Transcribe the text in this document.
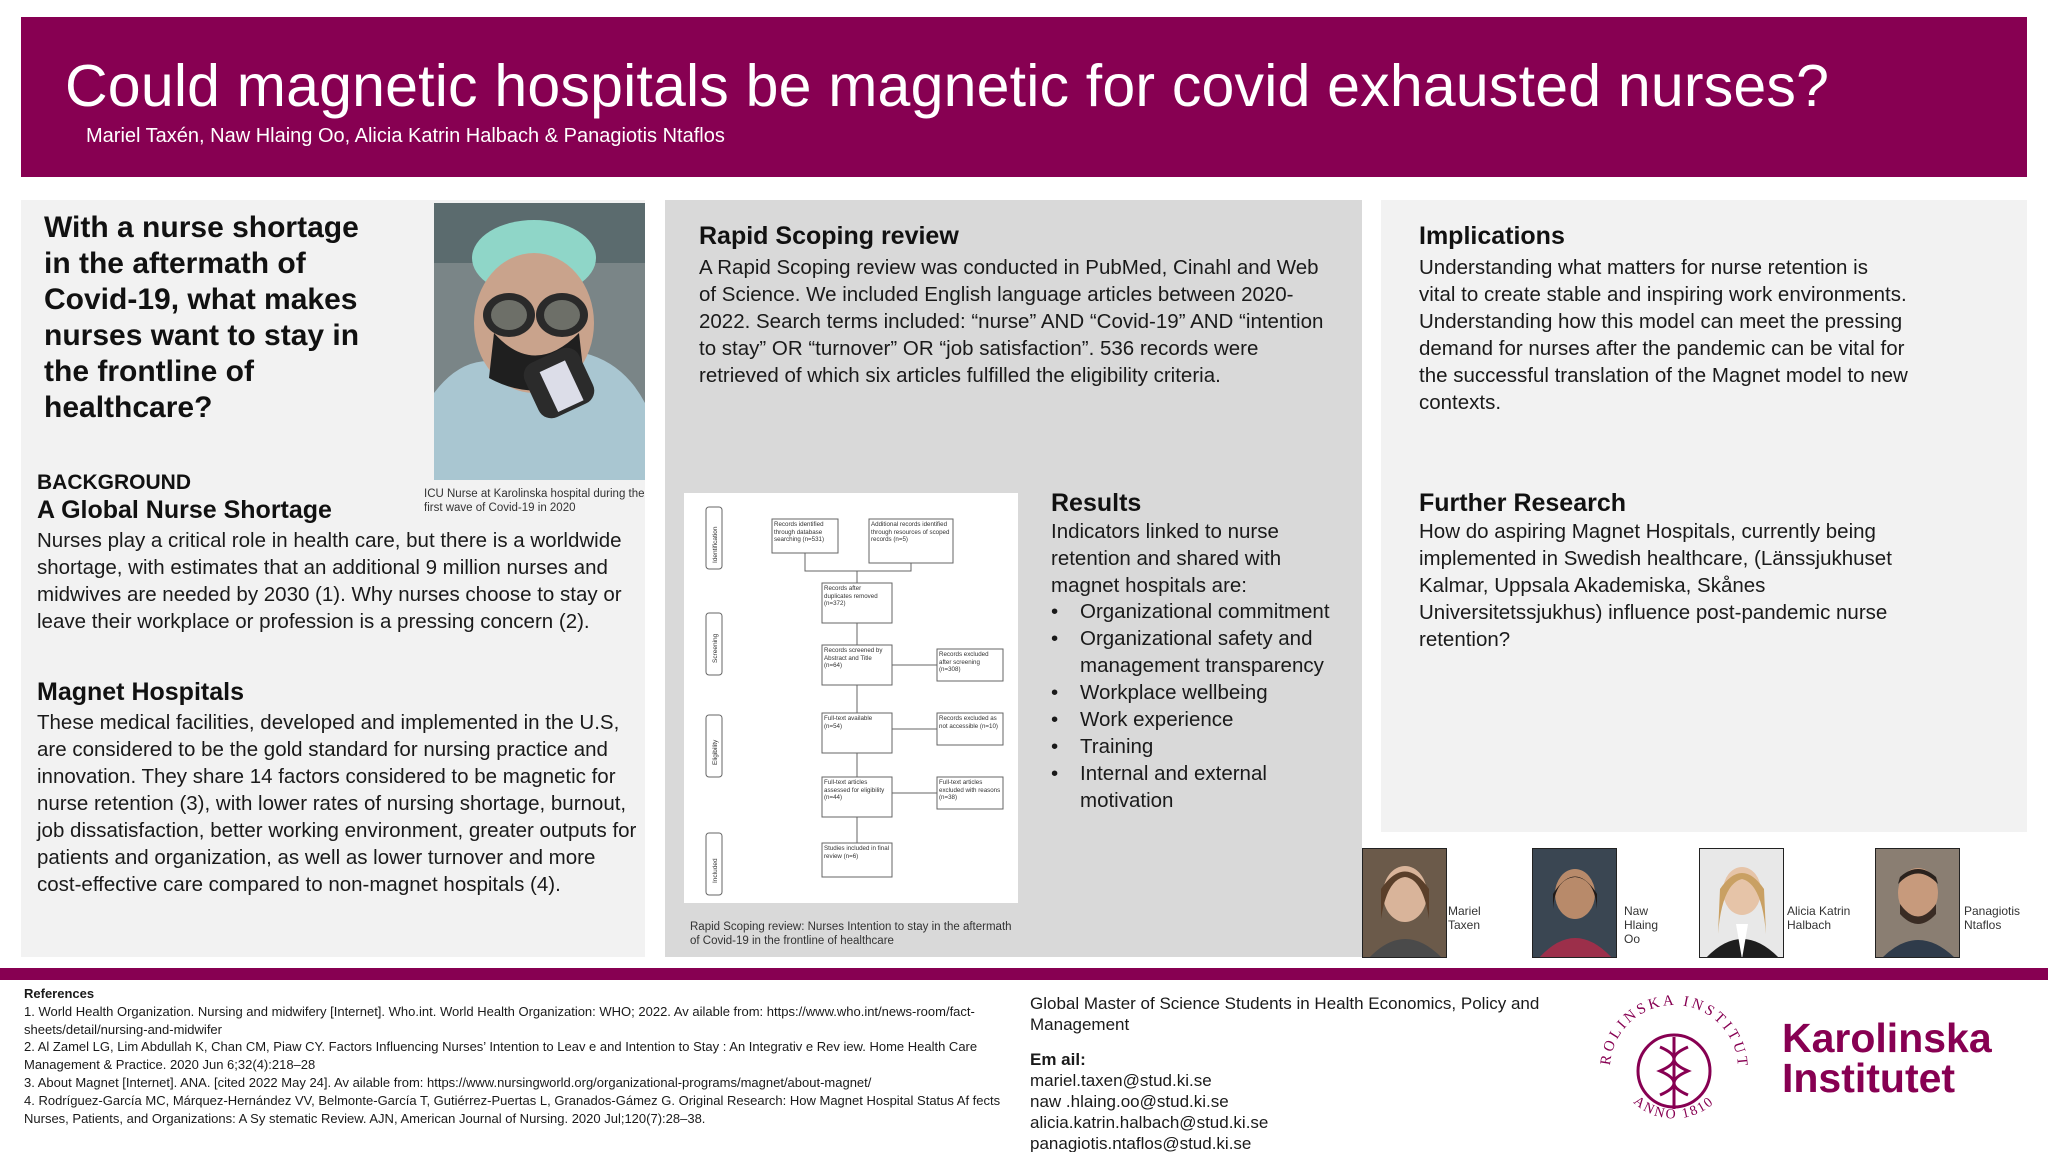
Could magnetic hospitals be magnetic for covid exhausted nurses?
Mariel Taxén, Naw Hlaing Oo, Alicia Katrin Halbach & Panagiotis Ntaflos
With a nurse shortage in the aftermath of Covid-19, what makes nurses want to stay in the frontline of healthcare?
ICU Nurse at Karolinska hospital during the first wave of Covid-19 in 2020
BACKGROUND
A Global Nurse Shortage
Nurses play a critical role in health care, but there is a worldwide shortage, with estimates that an additional 9 million nurses and midwives are needed by 2030 (1). Why nurses choose to stay or leave their workplace or profession is a pressing concern (2).
Magnet Hospitals
These medical facilities, developed and implemented in the U.S, are considered to be the gold standard for nursing practice and innovation. They share 14 factors considered to be magnetic for nurse retention (3), with lower rates of nursing shortage, burnout, job dissatisfaction, better working environment, greater outputs for patients and organization, as well as lower turnover and more cost-effective care compared to non-magnet hospitals (4).
Rapid Scoping review
A Rapid Scoping review was conducted in PubMed, Cinahl and Web of Science. We included English language articles between 2020-2022. Search terms included: “nurse” AND “Covid-19” AND “intention to stay” OR “turnover” OR “job satisfaction”. 536 records were retrieved of which six articles fulfilled the eligibility criteria.
Identification
Screening
Eligibility
Included
Records identified through database searching (n=531)
Additional records identified through resources of scoped records (n=5)
Records after duplicates removed (n=372)
Records screened by Abstract and Title (n=64)
Records excluded after screening (n=308)
Full-text available (n=54)
Records excluded as not accessible (n=10)
Full-text articles assessed for eligibility (n=44)
Full-text articles excluded with reasons (n=38)
Studies included in final review (n=6)
Rapid Scoping review: Nurses Intention to stay in the aftermath of Covid-19 in the frontline of healthcare
Results
Indicators linked to nurse retention and shared with magnet hospitals are:
• Organizational commitment
• Organizational safety and management transparency
• Workplace wellbeing
• Work experience
• Training
• Internal and external motivation
Implications
Understanding what matters for nurse retention is vital to create stable and inspiring work environments. Understanding how this model can meet the pressing demand for nurses after the pandemic can be vital for the successful translation of the Magnet model to new contexts.
Further Research
How do aspiring Magnet Hospitals, currently being implemented in Swedish healthcare, (Länssjukhuset Kalmar, Uppsala Akademiska, Skånes Universitetssjukhus) influence post-pandemic nurse retention?
Mariel
Taxen
Naw
Hlaing
Oo
Alicia Katrin
Halbach
Panagiotis
Ntaflos
References
1. World Health Organization. Nursing and midwifery [Internet]. Who.int. World Health Organization: WHO; 2022. Av ailable from: https://www.who.int/news-room/fact-sheets/detail/nursing-and-midwifer
2. Al Zamel LG, Lim Abdullah K, Chan CM, Piaw CY. Factors Influencing Nurses’ Intention to Leav e and Intention to Stay : An Integrativ e Rev iew. Home Health Care Management & Practice. 2020 Jun 6;32(4):218–28
3. About Magnet [Internet]. ANA. [cited 2022 May 24]. Av ailable from: https://www.nursingworld.org/organizational-programs/magnet/about-magnet/
4. Rodríguez-García MC, Márquez-Hernández VV, Belmonte-García T, Gutiérrez-Puertas L, Granados-Gámez G. Original Research: How Magnet Hospital Status Af fects Nurses, Patients, and Organizations: A Sy stematic Review. AJN, American Journal of Nursing. 2020 Jul;120(7):28–38.
Global Master of Science Students in Health Economics, Policy and Management
Em ail:
mariel.taxen@stud.ki.se
naw .hlaing.oo@stud.ki.se
alicia.katrin.halbach@stud.ki.se
panagiotis.ntaflos@stud.ki.se
ROLINSKA INSTITUT
ANNO 1810
Karolinska
Institutet
